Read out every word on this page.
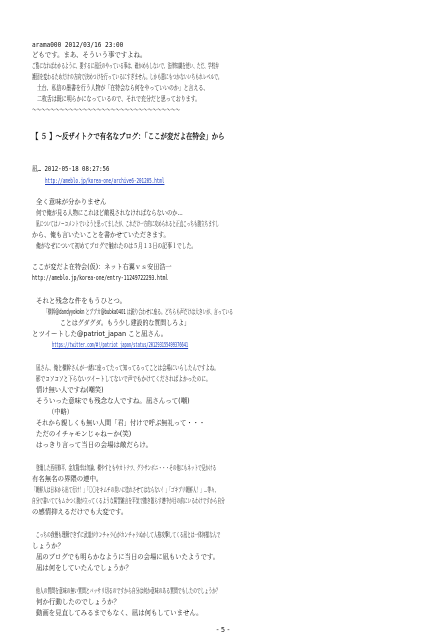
arama000 2012/03/16 23:00
どもです。まあ、そういう事ですよね。
ご覧になればわかるように、要するに凪氏のやっている事は、確かめもしないで、法律知識を使い、ただ、学校弁
護団を変わるためだけの方向で決めつけを行っているにすぎません。しかも悪にもつかないいちもれレベルで。
　土台、私信の墨書を行う人物が「在特会なら何をやっていいのか」と言える、
　二枚舌は既に明らかになっているので、それで充分だと思っております。
～～～～～～～～～～～～～～～～～～～～～～～～～～～～～～～～
【 ５ 】～反ザイトクで有名なブログ：「ここが変だよ在特会」から
凪… 2012-05-18 08:27:56
http://ameblo.jp/korea-one/archive6-201205.html
全く意味が分かりません
何で俺が見る人物にこれほど敵視されなければならないのか…
凪についてはノーコメントでいようと思ってましたが、これだけ一方的に攻められると正直こっちも腹立ちますし
から、俺も言いたいことを書かせていただきます。
俺がなぜについて初めてブログで触れたのは５月１３日の記事ｌでした。
ここが変だよ在特会(仮)：ネット右翼ｖｓ安田浩一
http://ameblo.jp/korea-one/entry-11249722293.html
それと残念な件をもうひとつ。
「横幹@dandyyokokn とプブカ@bubka0401 は鋭り合わせに座る。どちらも声だけは大きいが、言っている
ことはグダグダ。もう少し建設的な質問しろよ」
とツイートした@patriot_japan こと凪さん。
https://twitter.com/#!/patriot_japan/status/201293155499376641
凪さん、俺と横幹さんが一緒に座ってたって知ってるってことは会場にいらしたんですよね。
影でコソコソと下らないツイートしてないで声でもかけてくださればよかったのに。
情け無い人ですね(嘲笑)
そういった意味でも残念な人ですね。凪さんって(嘲)
（中略）
それから親しくも無い人間「君」付けで呼ぶ無礼って・・・
ただのイチャモンじゃねーか(笑)
はっきり言って当日の会場は敵だらけ。
登壇した西村修平、金友隆幸は勿論、横やすともやカトテツ、グラサンボニ・・・その他にもネットで見かける
有名無名の界隈の連中。
「朝鮮人は日本から出て行け！」「〇〇をキムチの臭いに塗れさせてはならない！」「ゴキブリ朝鮮人！」…等々、
自分で書いててもムカつく腹が立ってくるような罵詈雑言を平気で撒き散らす連中が目の前にいるわけですから自分
の感情抑えるだけでも大変です。
こっちの我慢も理解できずに武道がウンチャラ心がカンチャラぬかして人格攻撃してくる凪とは一体何様なんで
しょうか？
凪のブログでも明らかなように当日の会場に凪もいたようです。
凪は何をしていたんでしょうか？
他人の質問を意味の無い質問とバッサリ切るのですから自分は何か意味のある質問でもしたのでしょうか？
何か行動したのでしょうか？
動画を見直してみるまでもなく、凪は何もしていません。
- 5 -
